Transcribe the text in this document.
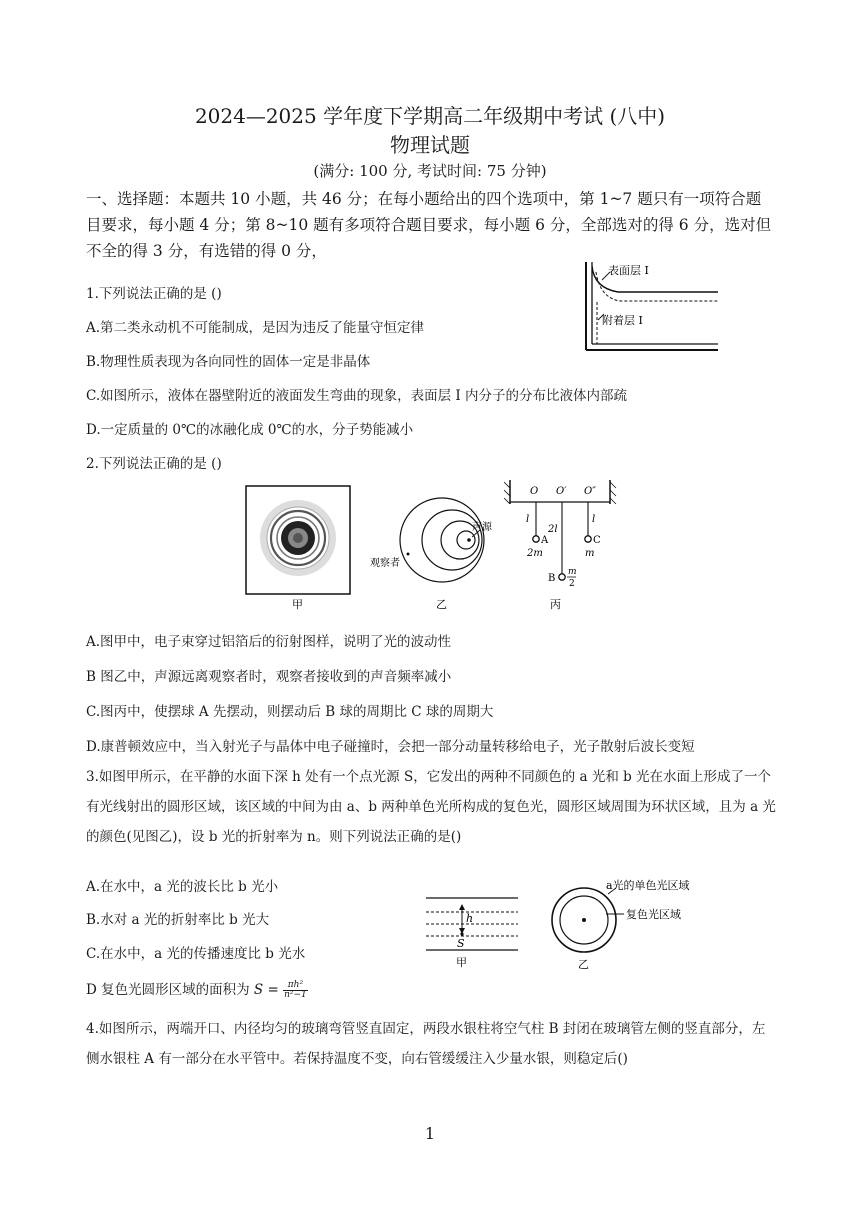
2024—2025 学年度下学期高二年级期中考试 (八中)
物理试题
(满分: 100 分, 考试时间: 75 分钟)
一、选择题：本题共 10 小题，共 46 分；在每小题给出的四个选项中，第 1~7 题只有一项符合题目要求，每小题 4 分；第 8~10 题有多项符合题目要求，每小题 6 分，全部选对的得 6 分，选对但不全的得 3 分，有选错的得 0 分，
1.下列说法正确的是 ()
A.第二类永动机不可能制成，是因为违反了能量守恒定律
B.物理性质表现为各向同性的固体一定是非晶体
C.如图所示，液体在器壁附近的液面发生弯曲的现象，表面层 I 内分子的分布比液体内部疏
D.一定质量的 0℃的冰融化成 0℃的水，分子势能减小
表面层 I
附着层 I
2.下列说法正确的是 ()
甲
声源
观察者
乙
O O′ O″
l
A
2m
2l
B
m
2
l
C
m
丙
A.图甲中，电子束穿过铝箔后的衍射图样，说明了光的波动性
B 图乙中，声源远离观察者时，观察者接收到的声音频率减小
C.图丙中，使摆球 A 先摆动，则摆动后 B 球的周期比 C 球的周期大
D.康普顿效应中，当入射光子与晶体中电子碰撞时，会把一部分动量转移给电子，光子散射后波长变短
3.如图甲所示，在平静的水面下深 h 处有一个点光源 S，它发出的两种不同颜色的 a 光和 b 光在水面上形成了一个有光线射出的圆形区域，该区域的中间为由 a、b 两种单色光所构成的复色光，圆形区域周围为环状区域，且为 a 光的颜色(见图乙)，设 b 光的折射率为 n。则下列说法正确的是()
A.在水中，a 光的波长比 b 光小
B.水对 a 光的折射率比 b 光大
C.在水中，a 光的传播速度比 b 光水
D 复色光圆形区域的面积为 $S = \frac{\text{πh²}}{\text{n²−1}}$
h
S
甲
a光的单色光区域
复色光区域
乙
4.如图所示，两端开口、内径均匀的玻璃弯管竖直固定，两段水银柱将空气柱 B 封闭在玻璃管左侧的竖直部分，左侧水银柱 A 有一部分在水平管中。若保持温度不变，向右管缓缓注入少量水银，则稳定后()
1
